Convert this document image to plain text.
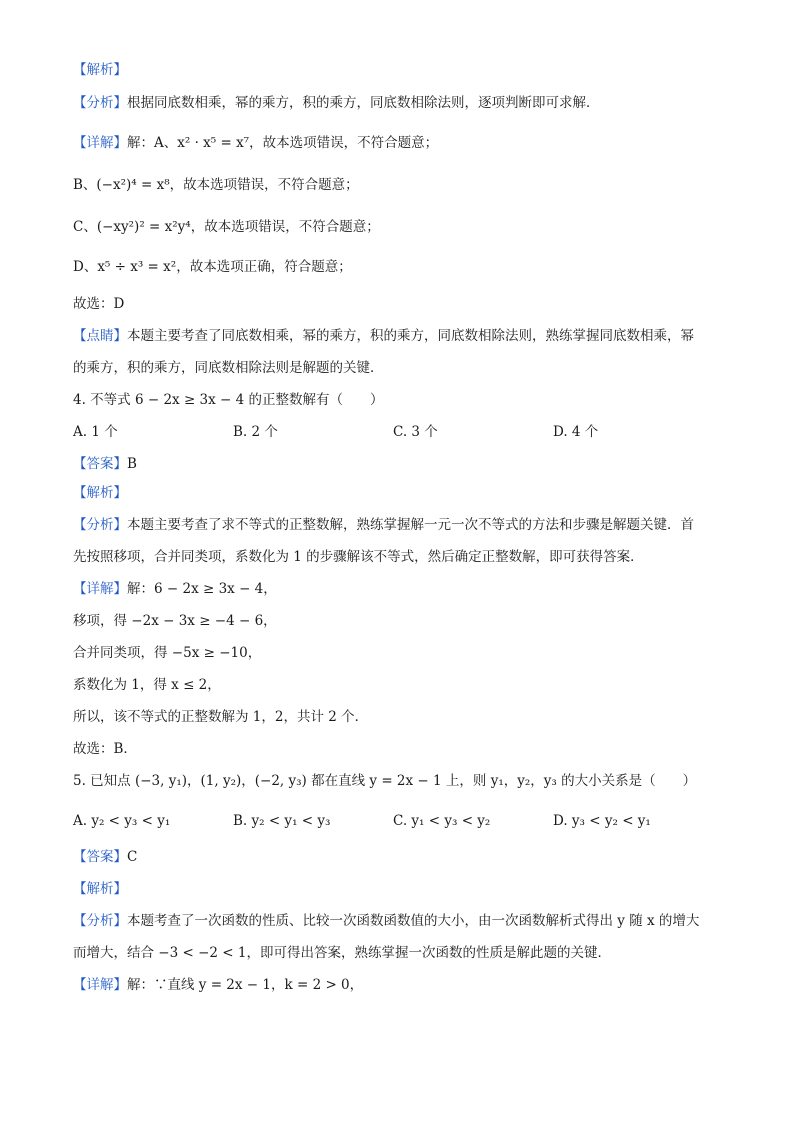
【解析】
【分析】根据同底数相乘，幂的乘方，积的乘方，同底数相除法则，逐项判断即可求解．
【详解】解：A、x² · x⁵ = x⁷，故本选项错误，不符合题意；
B、(−x²)⁴ = x⁸，故本选项错误，不符合题意；
C、(−xy²)² = x²y⁴，故本选项错误，不符合题意；
D、x⁵ ÷ x³ = x²，故本选项正确，符合题意；
故选：D
【点睛】本题主要考查了同底数相乘，幂的乘方，积的乘方，同底数相除法则，熟练掌握同底数相乘，幂
的乘方，积的乘方，同底数相除法则是解题的关键．
4. 不等式 6 − 2x ≥ 3x − 4 的正整数解有（　　）
A. 1 个	B. 2 个	C. 3 个	D. 4 个
【答案】B
【解析】
【分析】本题主要考查了求不等式的正整数解，熟练掌握解一元一次不等式的方法和步骤是解题关键．首
先按照移项，合并同类项，系数化为 1 的步骤解该不等式，然后确定正整数解，即可获得答案．
【详解】解：6 − 2x ≥ 3x − 4，
移项，得 −2x − 3x ≥ −4 − 6，
合并同类项，得 −5x ≥ −10，
系数化为 1，得 x ≤ 2，
所以，该不等式的正整数解为 1，2，共计 2 个．
故选：B．
5. 已知点 (−3, y₁)，(1, y₂)，(−2, y₃) 都在直线 y = 2x − 1 上，则 y₁，y₂，y₃ 的大小关系是（　　）
A. y₂ < y₃ < y₁	B. y₂ < y₁ < y₃	C. y₁ < y₃ < y₂	D. y₃ < y₂ < y₁
【答案】C
【解析】
【分析】本题考查了一次函数的性质、比较一次函数函数值的大小，由一次函数解析式得出 y 随 x 的增大
而增大，结合 −3 < −2 < 1，即可得出答案，熟练掌握一次函数的性质是解此题的关键．
【详解】解：∵直线 y = 2x − 1，k = 2 > 0，
